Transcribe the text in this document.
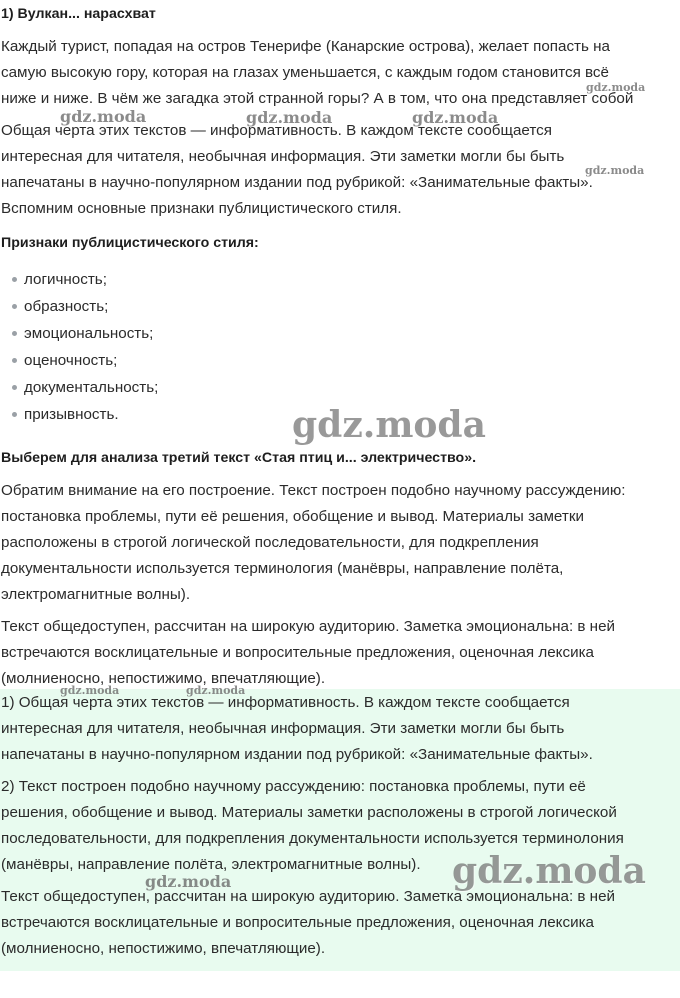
1) Вулкан... нарасхват
Каждый турист, попадая на остров Тенерифе (Канарские острова), желает попасть на
самую высокую гору, которая на глазах уменьшается, с каждым годом становится всё
ниже и ниже. В чём же загадка этой странной горы? А в том, что она представляет собой
Общая черта этих текстов — информативность. В каждом тексте сообщается
интересная для читателя, необычная информация. Эти заметки могли бы быть
напечатаны в научно-популярном издании под рубрикой: «Занимательные факты».
Вспомним основные признаки публицистического стиля.
Признаки публицистического стиля:
логичность;
образность;
эмоциональность;
оценочность;
документальность;
призывность.
Выберем для анализа третий текст «Стая птиц и... электричество».
Обратим внимание на его построение. Текст построен подобно научному рассуждению:
постановка проблемы, пути её решения, обобщение и вывод. Материалы заметки
расположены в строгой логической последовательности, для подкрепления
документальности используется терминология (манёвры, направление полёта,
электромагнитные волны).
Текст общедоступен, рассчитан на широкую аудиторию. Заметка эмоциональна: в ней
встречаются восклицательные и вопросительные предложения, оценочная лексика
(молниеносно, непостижимо, впечатляющие).
1) Общая черта этих текстов — информативность. В каждом тексте сообщается
интересная для читателя, необычная информация. Эти заметки могли бы быть
напечатаны в научно-популярном издании под рубрикой: «Занимательные факты».
2) Текст построен подобно научному рассуждению: постановка проблемы, пути её
решения, обобщение и вывод. Материалы заметки расположены в строгой логической
последовательности, для подкрепления документальности используется терминолония
(манёвры, направление полёта, электромагнитные волны).
Текст общедоступен, рассчитан на широкую аудиторию. Заметка эмоциональна: в ней
встречаются восклицательные и вопросительные предложения, оценочная лексика
(молниеносно, непостижимо, впечатляющие).
gdz.moda
gdz.moda
gdz.moda	gdz.moda	gdz.moda
gdz.moda
gdz.moda	gdz.moda
gdz.moda
gdz.moda
